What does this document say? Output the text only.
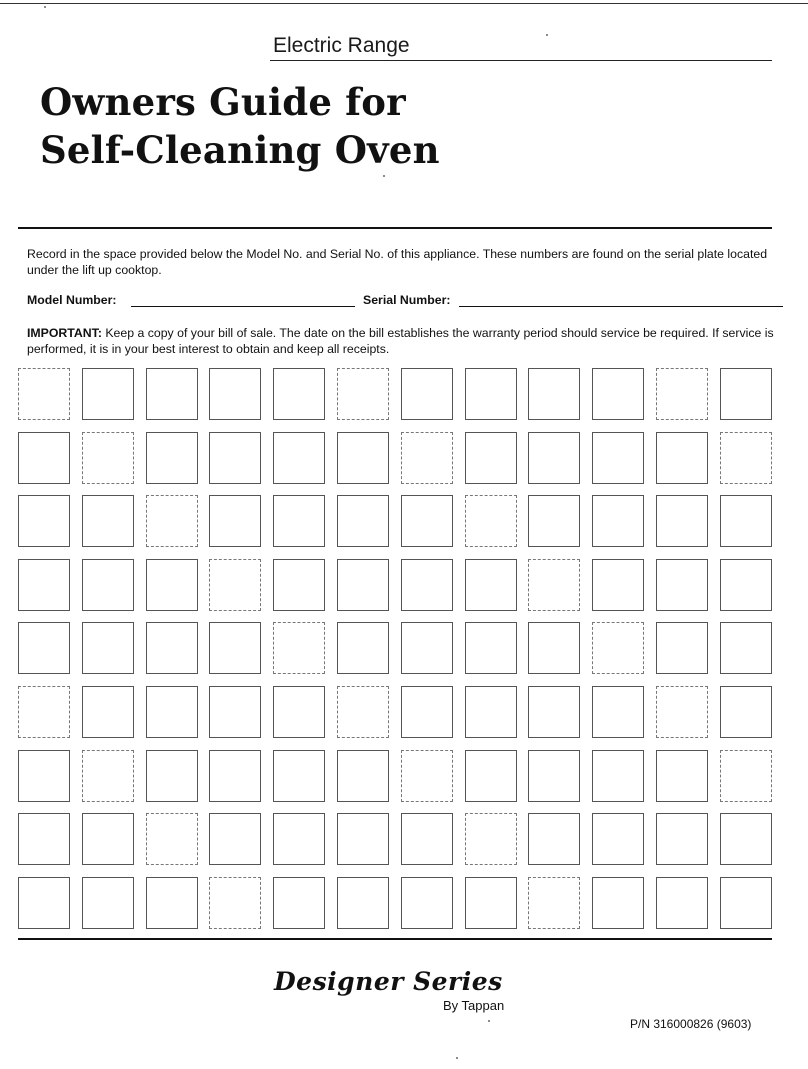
Electric Range
Owners Guide for
Self-Cleaning Oven
Record in the space provided below the Model No. and Serial No. of this appliance. These numbers are found on the serial plate located under the lift up cooktop.
Model Number:	Serial Number:
IMPORTANT: Keep a copy of your bill of sale. The date on the bill establishes the warranty period should service be required. If service is performed, it is in your best interest to obtain and keep all receipts.
Designer Series
By Tappan
P/N 316000826 (9603)
